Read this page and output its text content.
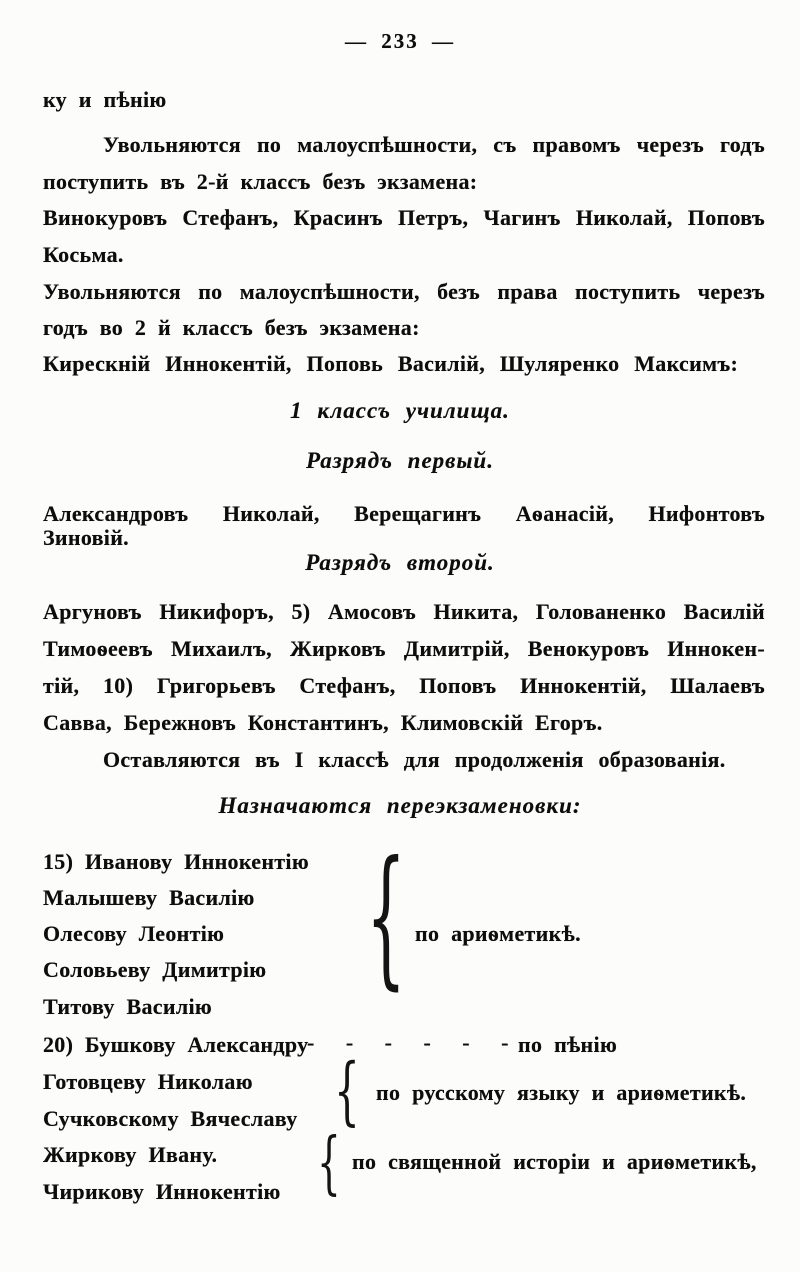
— 233 —
ку и пѣнію
Увольняются по малоуспѣшности, съ правомъ черезъ годъ
поступить въ 2-й классъ безъ экзамена:
Винокуровъ Стефанъ, Красинъ Петръ, Чагинъ Николай, Поповъ
Косьма.
Увольняются по малоуспѣшности, безъ права поступить черезъ
годъ во 2 й классъ безъ экзамена:
Кирескній Иннокентій, Поповь Василій, Шуляренко Максимъ:
1 классъ училища.
Разрядъ первый.
Александровъ Николай, Верещагинъ Аѳанасій, Нифонтовъ Зиновій.
Разрядъ второй.
Аргуновъ Никифоръ, 5) Амосовъ Никита, Голованенко Василій
Тимоѳеевъ Михаилъ, Жирковъ Димитрій, Венокуровъ Иннокен-
тій, 10) Григорьевъ Стефанъ, Поповъ Иннокентій, Шалаевъ
Савва, Бережновъ Константинъ, Климовскій Егоръ.
Оставляются въ I классѣ для продолженія образованія.
Назначаются переэкзаменовки:
15) Иванову Иннокентію
Малышеву Василію
Олесову Леонтію
Соловьеву Димитрію
Титову Василію
{ по ариѳметикѣ.
20) Бушкову Александру
- - - - - - по пѣнію
Готовцеву Николаю
Сучковскому Вячеславу { по русскому языку и ариѳметикѣ.
Жиркову Ивану.
Чирикову Иннокентію { по священной исторіи и ариѳметикѣ,
